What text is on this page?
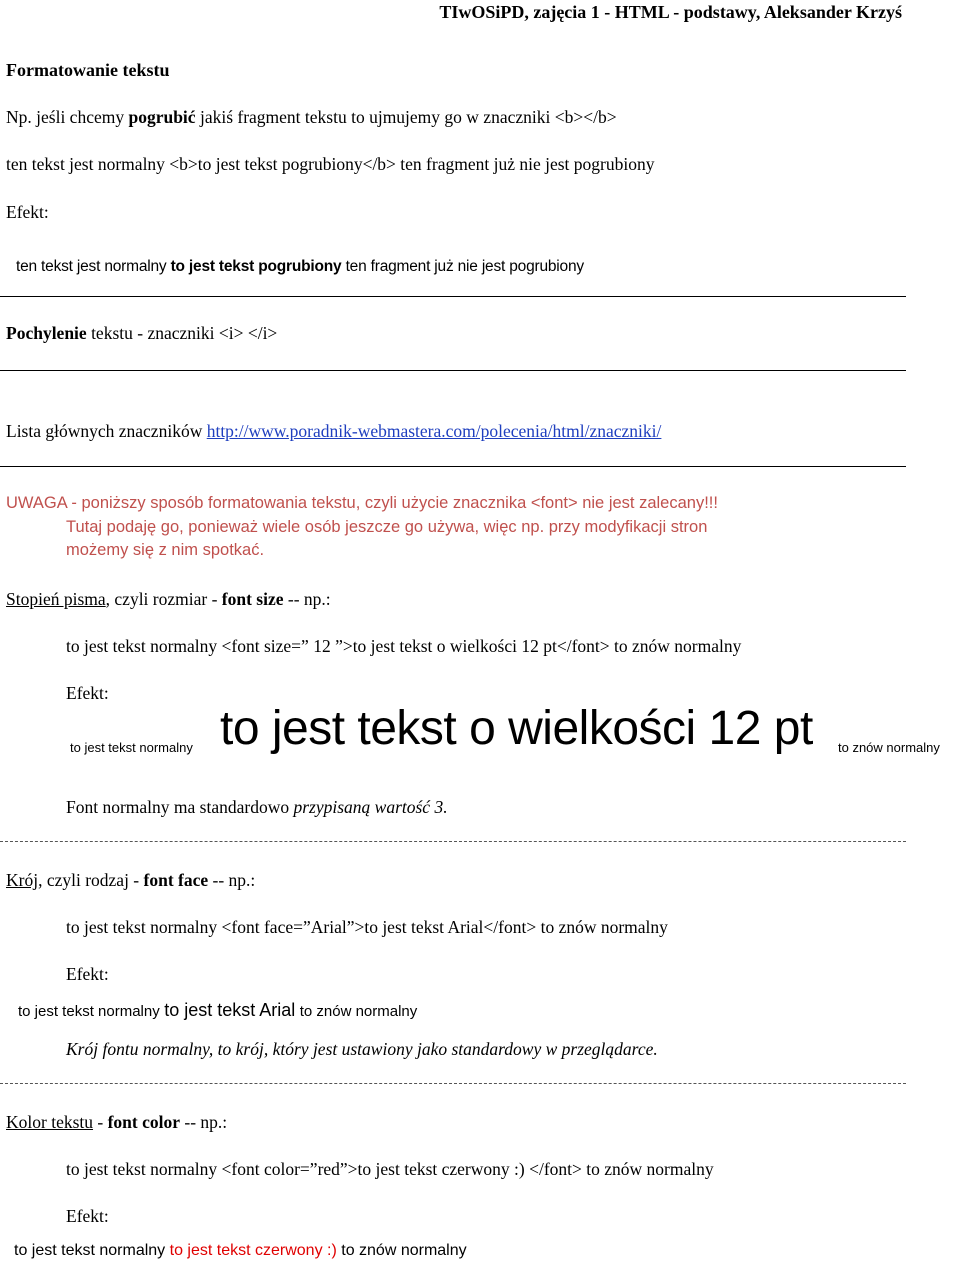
TIwOSiPD, zajęcia 1 - HTML - podstawy, Aleksander Krzyś
Formatowanie tekstu
Np. jeśli chcemy pogrubić jakiś fragment tekstu to ujmujemy go w znaczniki <b></b>
ten tekst jest normalny <b>to jest tekst pogrubiony</b> ten fragment już nie jest pogrubiony
Efekt:
ten tekst jest normalny to jest tekst pogrubiony ten fragment już nie jest pogrubiony
Pochylenie tekstu - znaczniki <i> </i>
Lista głównych znaczników http://www.poradnik-webmastera.com/polecenia/html/znaczniki/
UWAGA - poniższy sposób formatowania tekstu, czyli użycie znacznika <font> nie jest zalecany!!!
Tutaj podaję go, ponieważ wiele osób jeszcze go używa, więc np. przy modyfikacji stron
możemy się z nim spotkać.
Stopień pisma, czyli rozmiar - font size -- np.:
to jest tekst normalny <font size=” 12 ”>to jest tekst o wielkości 12 pt</font> to znów normalny
Efekt:
to jest tekst normalny to jest tekst o wielkości 12 pt to znów normalny
Font normalny ma standardowo przypisaną wartość 3.
Krój, czyli rodzaj - font face -- np.:
to jest tekst normalny <font face=”Arial”>to jest tekst Arial</font> to znów normalny
Efekt:
to jest tekst normalny to jest tekst Arial to znów normalny
Krój fontu normalny, to krój, który jest ustawiony jako standardowy w przeglądarce.
Kolor tekstu - font color -- np.:
to jest tekst normalny <font color=”red”>to jest tekst czerwony :) </font> to znów normalny
Efekt:
to jest tekst normalny to jest tekst czerwony :) to znów normalny
